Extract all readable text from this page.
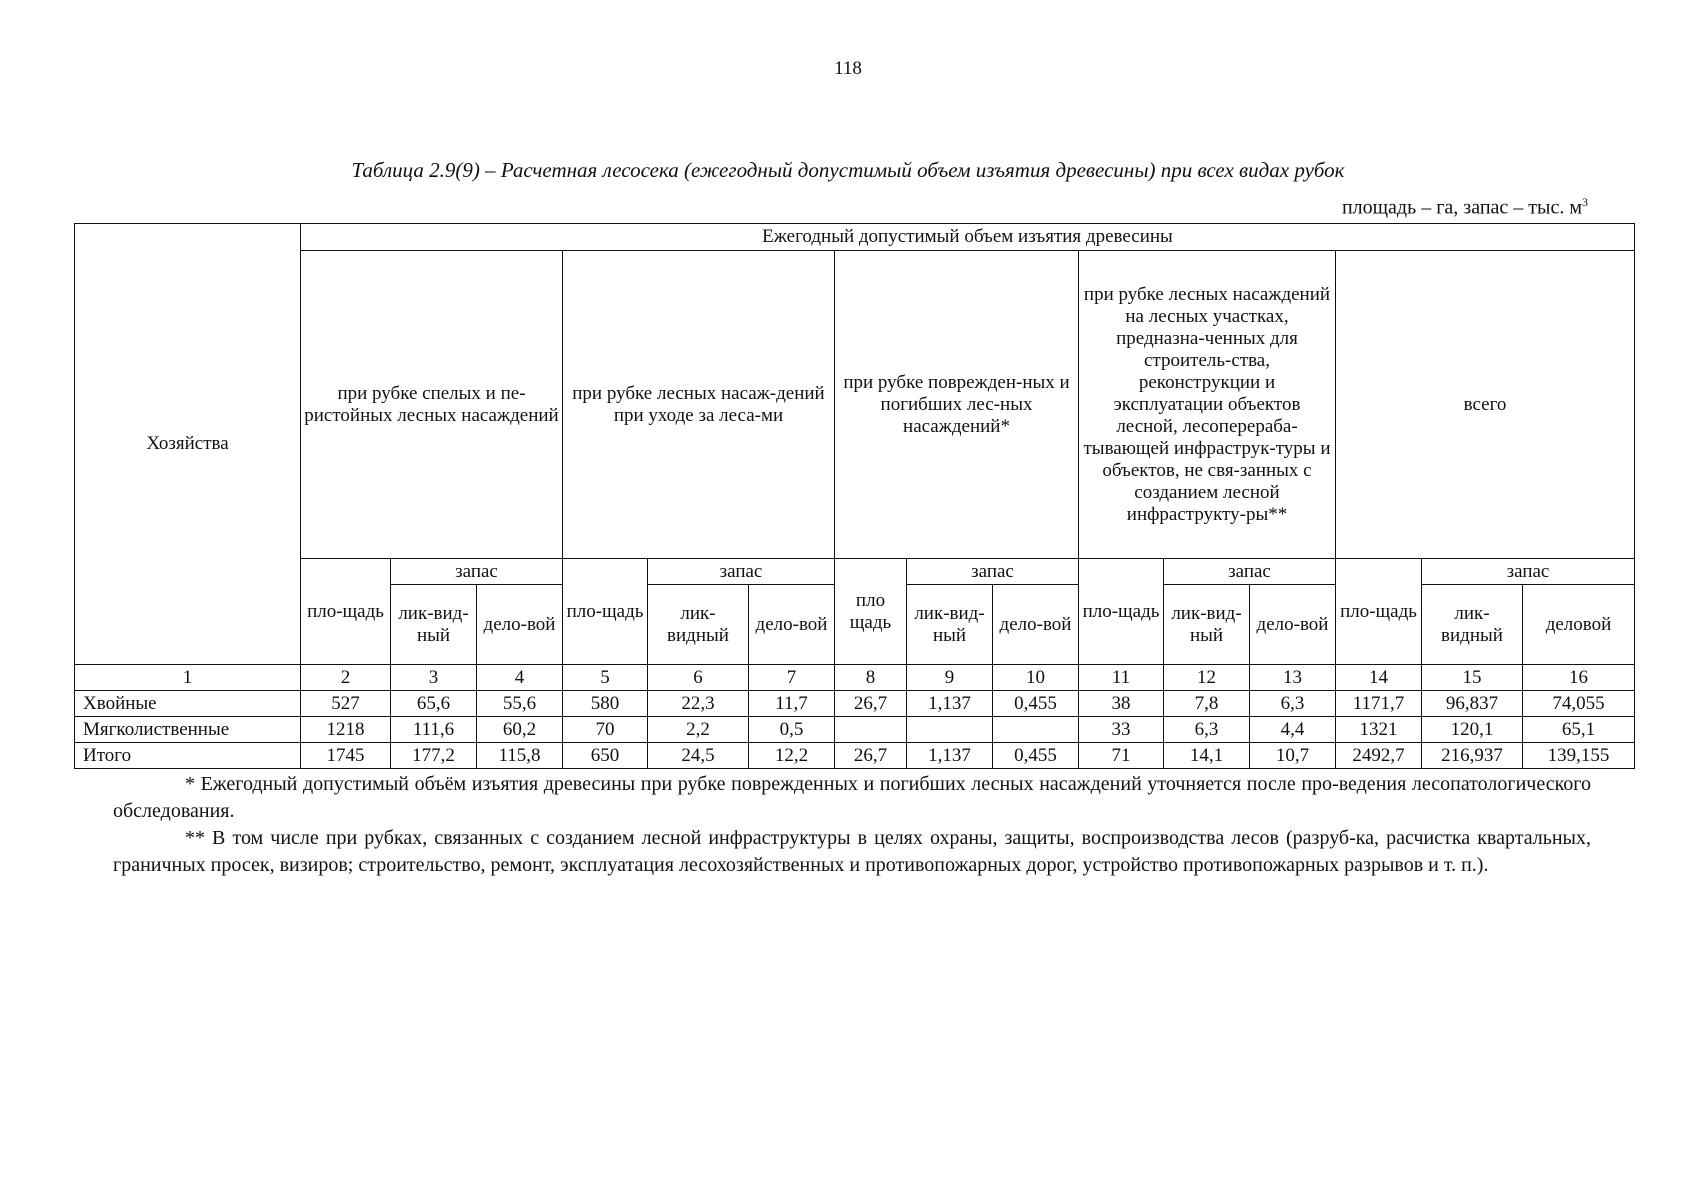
118
Таблица 2.9(9) – Расчетная лесосека (ежегодный допустимый объем изъятия древесины) при всех видах рубок
площадь – га, запас – тыс. $м^3$
Хозяйства	Ежегодный допустимый объем изъятия древесины														
	при рубке спелых и пе-ристойных лесных насаждений			при рубке лесных насаж-дений при уходе за леса-ми			при рубке поврежден-ных и погибших лес-ных насаждений*			при рубке лесных насаждений на лесных участках, предназна-ченных для строитель-ства, реконструкции и эксплуатации объектов лесной, лесоперераба-тывающей инфраструк-туры и объектов, не свя-занных с созданием лесной инфраструкту-ры**			всего		
	пло-щадь	запас		пло-щадь	запас		пло щадь	запас		пло-щадь	запас		пло-щадь	запас	
		лик-вид-ный	дело-вой		лик-видный	дело-вой		лик-вид-ный	дело-вой		лик-вид-ный	дело-вой		лик-видный	деловой
1	2	3	4	5	6	7	8	9	10	11	12	13	14	15	16
Хвойные	527	65,6	55,6	580	22,3	11,7	26,7	1,137	0,455	38	7,8	6,3	1171,7	96,837	74,055
Мягколиственные	1218	111,6	60,2	70	2,2	0,5				33	6,3	4,4	1321	120,1	65,1
Итого	1745	177,2	115,8	650	24,5	12,2	26,7	1,137	0,455	71	14,1	10,7	2492,7	216,937	139,155

* Ежегодный допустимый объём изъятия древесины при рубке поврежденных и погибших лесных насаждений уточняется после про-ведения лесопатологического обследования.

** В том числе при рубках, связанных с созданием лесной инфраструктуры в целях охраны, защиты, воспроизводства лесов (разруб-ка, расчистка квартальных, граничных просек, визиров; строительство, ремонт, эксплуатация лесохозяйственных и противопожарных дорог, устройство противопожарных разрывов и т. п.).
